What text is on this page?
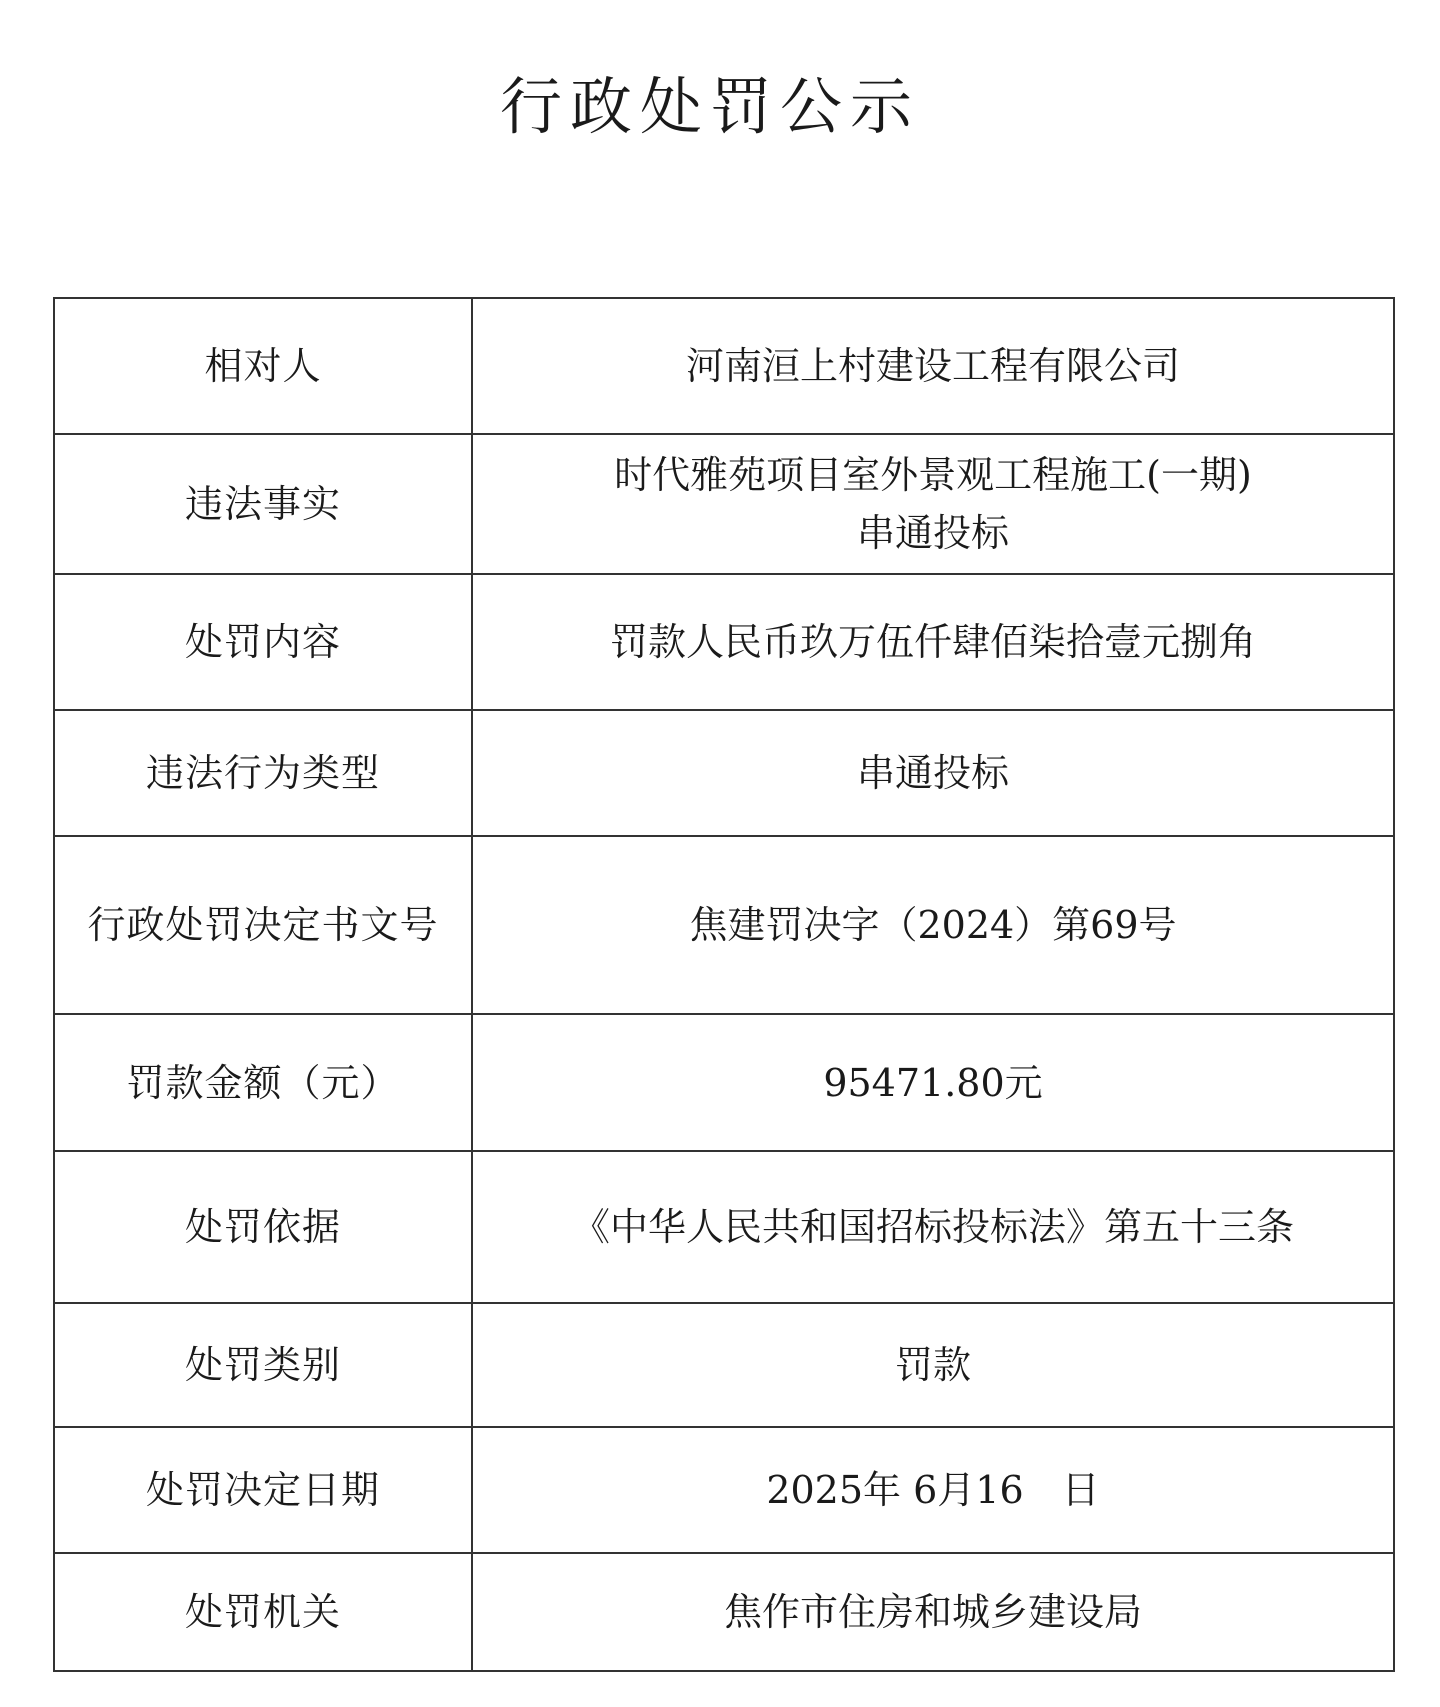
行政处罚公示
相对人	河南洹上村建设工程有限公司

违法事实	时代雅苑项目室外景观工程施工(一期)
串通投标

处罚内容	罚款人民币玖万伍仟肆佰柒拾壹元捌角

违法行为类型	串通投标

行政处罚决定书文号	焦建罚决字（2024）第69号

罚款金额（元）	95471.80元

处罚依据	《中华人民共和国招标投标法》第五十三条

处罚类别	罚款

处罚决定日期	2025年 6月16　日

处罚机关	焦作市住房和城乡建设局
